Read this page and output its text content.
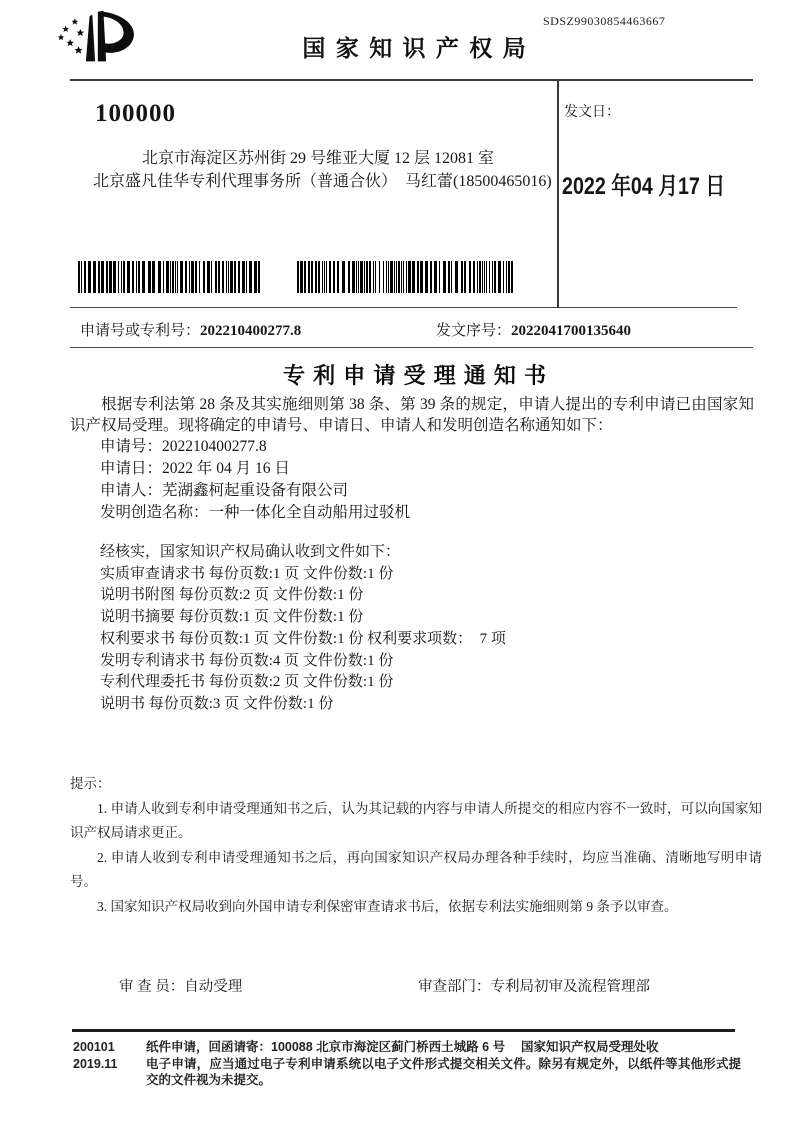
SDSZ99030854463667
国 家 知 识 产 权 局
100000
北京市海淀区苏州街 29 号维亚大厦 12 层 12081 室
北京盛凡佳华专利代理事务所（普通合伙）　马红蕾(18500465016)
发文日：
2022 年04 月17 日
申请号或专利号：202210400277.8	发文序号：2022041700135640
专 利 申 请 受 理 通 知 书
根据专利法第 28 条及其实施细则第 38 条、第 39 条的规定，申请人提出的专利申请已由国家知识产权局受理。现将确定的申请号、申请日、申请人和发明创造名称通知如下：
申请号：202210400277.8
申请日：2022 年 04 月 16 日
申请人：芜湖鑫柯起重设备有限公司
发明创造名称：一种一体化全自动船用过驳机
经核实，国家知识产权局确认收到文件如下：
实质审查请求书 每份页数:1 页 文件份数:1 份
说明书附图 每份页数:2 页 文件份数:1 份
说明书摘要 每份页数:1 页 文件份数:1 份
权利要求书 每份页数:1 页 文件份数:1 份 权利要求项数：　7 项
发明专利请求书 每份页数:4 页 文件份数:1 份
专利代理委托书 每份页数:2 页 文件份数:1 份
说明书 每份页数:3 页 文件份数:1 份
提示：

1. 申请人收到专利申请受理通知书之后，认为其记载的内容与申请人所提交的相应内容不一致时，可以向国家知识产权局请求更正。

2. 申请人收到专利申请受理通知书之后，再向国家知识产权局办理各种手续时，均应当准确、清晰地写明申请号。

3. 国家知识产权局收到向外国申请专利保密审查请求书后，依据专利法实施细则第 9 条予以审查。

审 查 员：自动受理	审查部门：专利局初审及流程管理部
200101	纸件申请，回函请寄：100088 北京市海淀区蓟门桥西土城路 6 号　 国家知识产权局受理处收
2019.11	电子申请，应当通过电子专利申请系统以电子文件形式提交相关文件。除另有规定外，以纸件等其他形式提交的文件视为未提交。
